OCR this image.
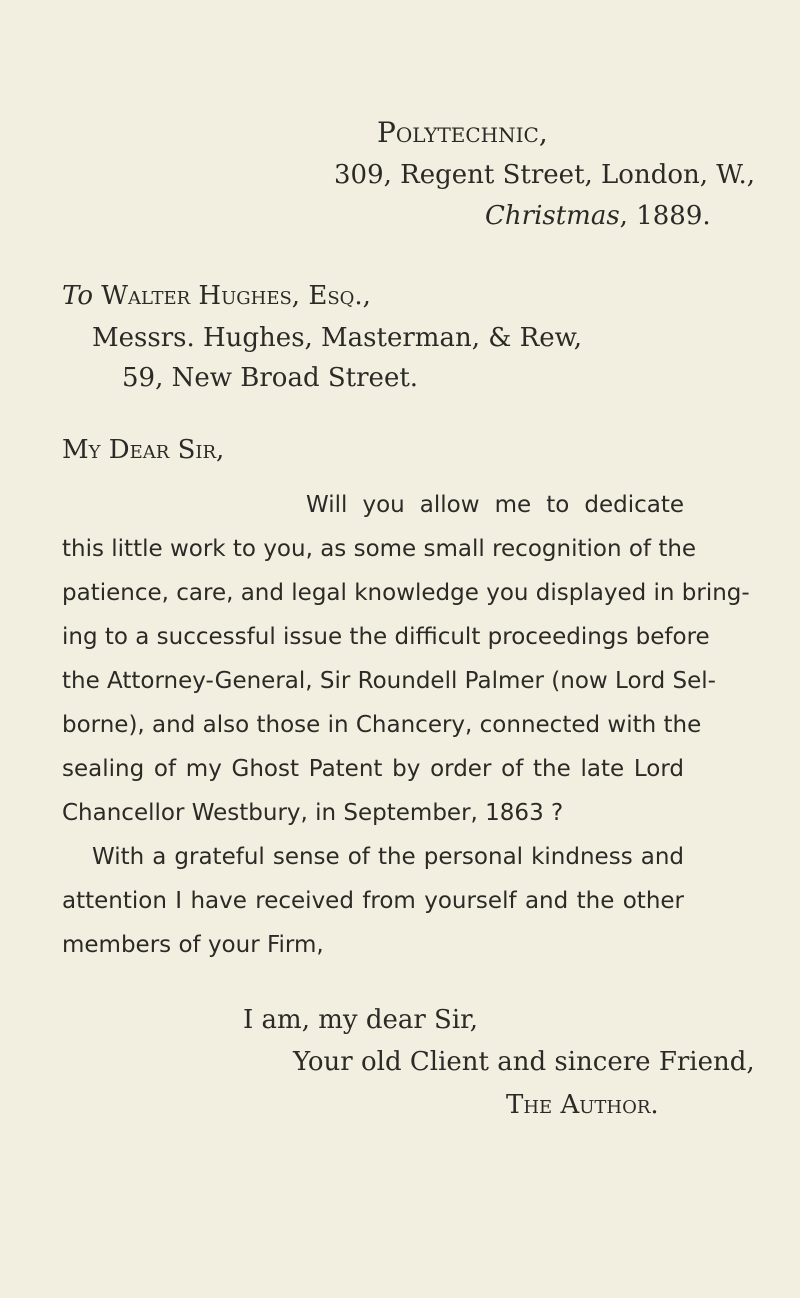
Polytechnic,
309, Regent Street, London, W.,
Christmas, 1889.
To Walter Hughes, Esq.,
Messrs. Hughes, Masterman, & Rew,
59, New Broad Street.
My Dear Sir,
Will you allow me to dedicate
this little work to you, as some small recognition of the
patience, care, and legal knowledge you displayed in bring-
ing to a successful issue the difficult proceedings before
the Attorney-General, Sir Roundell Palmer (now Lord Sel-
borne), and also those in Chancery, connected with the
sealing of my Ghost Patent by order of the late Lord
Chancellor Westbury, in September, 1863 ?
With a grateful sense of the personal kindness and
attention I have received from yourself and the other
members of your Firm,
I am, my dear Sir,
Your old Client and sincere Friend,
The Author.
